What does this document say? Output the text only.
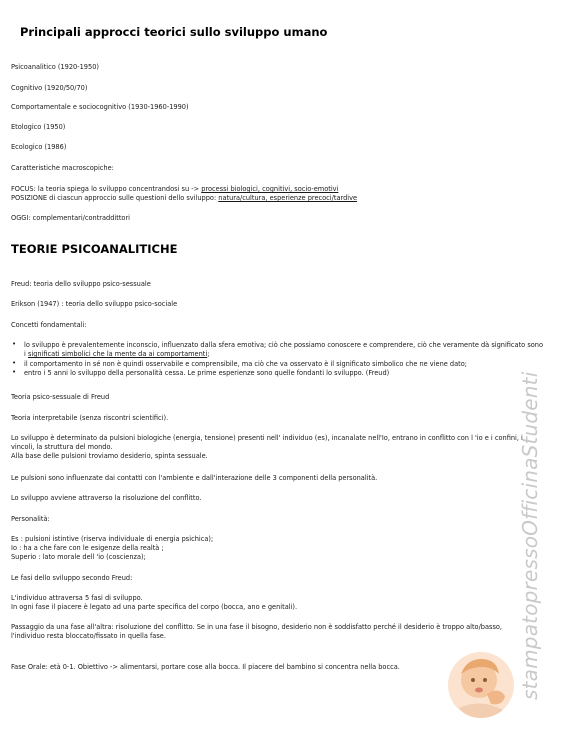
Principali approcci teorici sullo sviluppo umano
Psicoanalitico (1920-1950)
Cognitivo (1920/50/70)
Comportamentale e sociocognitivo (1930-1960-1990)
Etologico (1950)
Ecologico (1986)
Caratteristiche macroscopiche:
FOCUS: la teoria spiega lo sviluppo concentrandosi su -> processi biologici, cognitivi, socio-emotivi
POSIZIONE di ciascun approccio sulle questioni dello sviluppo: natura/cultura, esperienze precoci/tardive
OGGI: complementari/contraddittori
TEORIE PSICOANALITICHE
Freud: teoria dello sviluppo psico-sessuale
Erikson (1947) : teoria dello sviluppo psico-sociale
Concetti fondamentali:
• lo sviluppo è prevalentemente inconscio, influenzato dalla sfera emotiva; ciò che possiamo conoscere e comprendere, ciò che veramente dà significato sono
i significati simbolici che la mente da ai comportamenti;
• il comportamento in sé non è quindi osservabile e comprensibile, ma ciò che va osservato è il significato simbolico che ne viene dato;
• entro i 5 anni lo sviluppo della personalità cessa. Le prime esperienze sono quelle fondanti lo sviluppo. (Freud)
Teoria psico-sessuale di Freud
Teoria interpretabile (senza riscontri scientifici).
Lo sviluppo è determinato da pulsioni biologiche (energia, tensione) presenti nell' individuo (es), incanalate nell'Io, entrano in conflitto con l 'io e i confini, i
vincoli, la struttura del mondo.
Alla base delle pulsioni troviamo desiderio, spinta sessuale.
Le pulsioni sono influenzate dai contatti con l'ambiente e dall'interazione delle 3 componenti della personalità.
Lo sviluppo avviene attraverso la risoluzione del conflitto.
Personalità:
Es : pulsioni istintive (riserva individuale di energia psichica);
Io : ha a che fare con le esigenze della realtà ;
Superio : lato morale dell 'io (coscienza);
Le fasi dello sviluppo secondo Freud:
L'individuo attraversa 5 fasi di sviluppo.
In ogni fase il piacere è legato ad una parte specifica del corpo (bocca, ano e genitali).
Passaggio da una fase all'altra: risoluzione del conflitto. Se in una fase il bisogno, desiderio non è soddisfatto perché il desiderio è troppo alto/basso,
l'individuo resta bloccato/fissato in quella fase.
Fase Orale: età 0-1. Obiettivo -> alimentarsi, portare cose alla bocca. Il piacere del bambino si concentra nella bocca.	stampatopressoOfficinaStudenti
